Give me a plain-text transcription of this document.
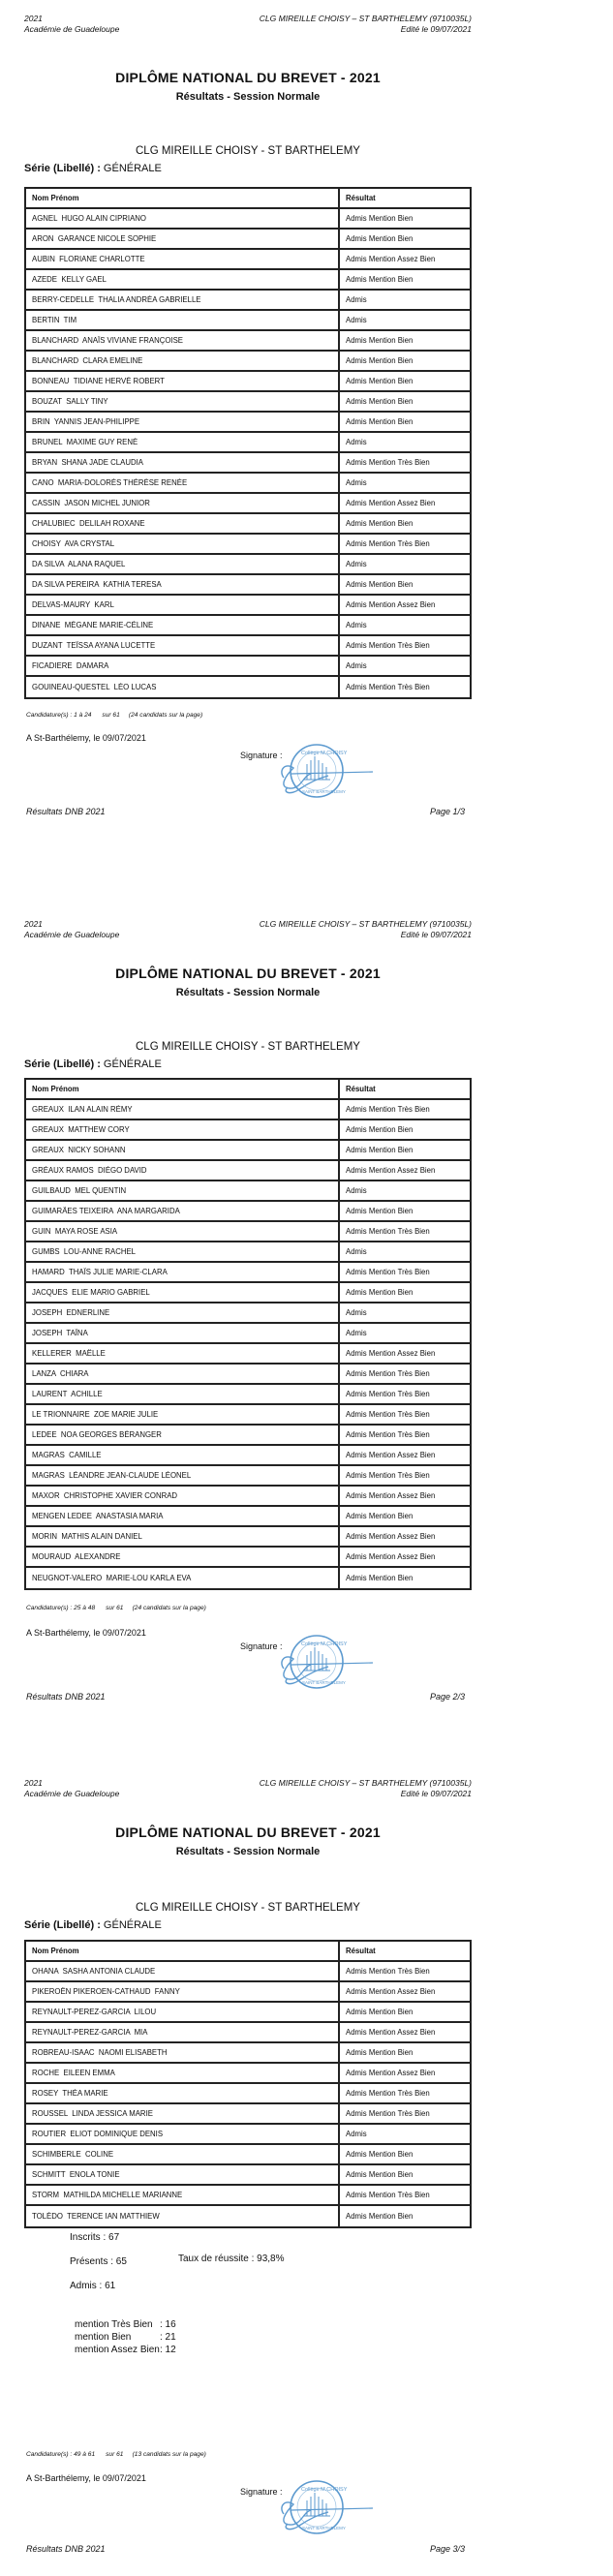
2021
Académie de Guadeloupe
CLG MIREILLE CHOISY – ST BARTHELEMY (9710035L)
Edité le 09/07/2021
DIPLÔME NATIONAL DU BREVET - 2021
Résultats - Session Normale
CLG MIREILLE CHOISY - ST BARTHELEMY
Série (Libellé) : GÉNÉRALE
Nom Prénom	Résultat
AGNEL  HUGO ALAIN CIPRIANO	Admis Mention Bien
ARON  GARANCE NICOLE SOPHIE	Admis Mention Bien
AUBIN  FLORIANE CHARLOTTE	Admis Mention Assez Bien
AZEDE  KELLY GAEL	Admis Mention Bien
BERRY-CEDELLE  THALIA ANDRÉA GABRIELLE	Admis
BERTIN  TIM	Admis
BLANCHARD  ANAÏS VIVIANE FRANÇOISE	Admis Mention Bien
BLANCHARD  CLARA EMELINE	Admis Mention Bien
BONNEAU  TIDIANE HERVÉ ROBERT	Admis Mention Bien
BOUZAT  SALLY TINY	Admis Mention Bien
BRIN  YANNIS JEAN-PHILIPPE	Admis Mention Bien
BRUNEL  MAXIME GUY RENÉ	Admis
BRYAN  SHANA JADE CLAUDIA	Admis Mention Très Bien
CANO  MARIA-DOLORÈS THÉRÈSE RENÉE	Admis
CASSIN  JASON MICHEL JUNIOR	Admis Mention Assez Bien
CHALUBIEC  DELILAH ROXANE	Admis Mention Bien
CHOISY  AVA CRYSTAL	Admis Mention Très Bien
DA SILVA  ALANA RAQUEL	Admis
DA SILVA PEREIRA  KATHIA TERESA	Admis Mention Bien
DELVAS-MAURY  KARL	Admis Mention Assez Bien
DINANE  MÉGANE MARIE-CÉLINE	Admis
DUZANT  TEÏSSA AYANA LUCETTE	Admis Mention Très Bien
FICADIERE  DAMARA	Admis
GOUINEAU-QUESTEL  LÉO LUCAS	Admis Mention Très Bien
Candidature(s) : 1 à 24      sur 61     (24 candidats sur la page)
A St-Barthélemy, le 09/07/2021
Signature :	Collège M.CHOISY SAINT BARTHELEMY
Résultats DNB 2021	Page 1/3
2021
Académie de Guadeloupe
CLG MIREILLE CHOISY – ST BARTHELEMY (9710035L)
Edité le 09/07/2021
DIPLÔME NATIONAL DU BREVET - 2021
Résultats - Session Normale
CLG MIREILLE CHOISY - ST BARTHELEMY
Série (Libellé) : GÉNÉRALE
Nom Prénom	Résultat
GREAUX  ILAN ALAIN RÉMY	Admis Mention Très Bien
GREAUX  MATTHEW CORY	Admis Mention Bien
GREAUX  NICKY SOHANN	Admis Mention Bien
GRÉAUX RAMOS  DIÉGO DAVID	Admis Mention Assez Bien
GUILBAUD  MEL QUENTIN	Admis
GUIMARÃES TEIXEIRA  ANA MARGARIDA	Admis Mention Bien
GUIN  MAYA ROSE ASIA	Admis Mention Très Bien
GUMBS  LOU-ANNE RACHEL	Admis
HAMARD  THAÏS JULIE MARIE-CLARA	Admis Mention Très Bien
JACQUES  ELIE MARIO GABRIEL	Admis Mention Bien
JOSEPH  EDNERLINE	Admis
JOSEPH  TAÏNA	Admis
KELLERER  MAËLLE	Admis Mention Assez Bien
LANZA  CHIARA	Admis Mention Très Bien
LAURENT  ACHILLE	Admis Mention Très Bien
LE TRIONNAIRE  ZOE MARIE JULIE	Admis Mention Très Bien
LEDEE  NOA GEORGES BÉRANGER	Admis Mention Très Bien
MAGRAS  CAMILLE	Admis Mention Assez Bien
MAGRAS  LÉANDRE JEAN-CLAUDE LÉONEL	Admis Mention Très Bien
MAXOR  CHRISTOPHE XAVIER CONRAD	Admis Mention Assez Bien
MENGEN LEDEE  ANASTASIA MARIA	Admis Mention Bien
MORIN  MATHIS ALAIN DANIEL	Admis Mention Assez Bien
MOURAUD  ALEXANDRE	Admis Mention Assez Bien
NEUGNOT-VALERO  MARIE-LOU KARLA EVA	Admis Mention Bien
Candidature(s) : 25 à 48      sur 61     (24 candidats sur la page)
A St-Barthélemy, le 09/07/2021
Signature :	Collège M.CHOISY SAINT BARTHELEMY
Résultats DNB 2021	Page 2/3
2021
Académie de Guadeloupe
CLG MIREILLE CHOISY – ST BARTHELEMY (9710035L)
Edité le 09/07/2021
DIPLÔME NATIONAL DU BREVET - 2021
Résultats - Session Normale
CLG MIREILLE CHOISY - ST BARTHELEMY
Série (Libellé) : GÉNÉRALE
Nom Prénom	Résultat
OHANA  SASHA ANTONIA CLAUDE	Admis Mention Très Bien
PIKEROËN PIKEROEN-CATHAUD  FANNY	Admis Mention Assez Bien
REYNAULT-PEREZ-GARCIA  LILOU	Admis Mention Bien
REYNAULT-PEREZ-GARCIA  MIA	Admis Mention Assez Bien
ROBREAU-ISAAC  NAOMI ELISABETH	Admis Mention Bien
ROCHE  EILEEN EMMA	Admis Mention Assez Bien
ROSEY  THÉA MARIE	Admis Mention Très Bien
ROUSSEL  LINDA JESSICA MARIE	Admis Mention Très Bien
ROUTIER  ELIOT DOMINIQUE DENIS	Admis
SCHIMBERLE  COLINE	Admis Mention Bien
SCHMITT  ENOLA TONIE	Admis Mention Bien
STORM  MATHILDA MICHELLE MARIANNE	Admis Mention Très Bien
TOLÉDO  TERENCE IAN MATTHIEW	Admis Mention Bien
Inscrits : 67
Présents : 65	Taux de réussite : 93,8%
Admis : 61
mention Très Bien : 16
mention Bien	: 21
mention Assez Bien: 12
Candidature(s) : 49 à 61      sur 61     (13 candidats sur la page)
A St-Barthélemy, le 09/07/2021
Signature :	Collège M.CHOISY SAINT BARTHELEMY
Résultats DNB 2021	Page 3/3
